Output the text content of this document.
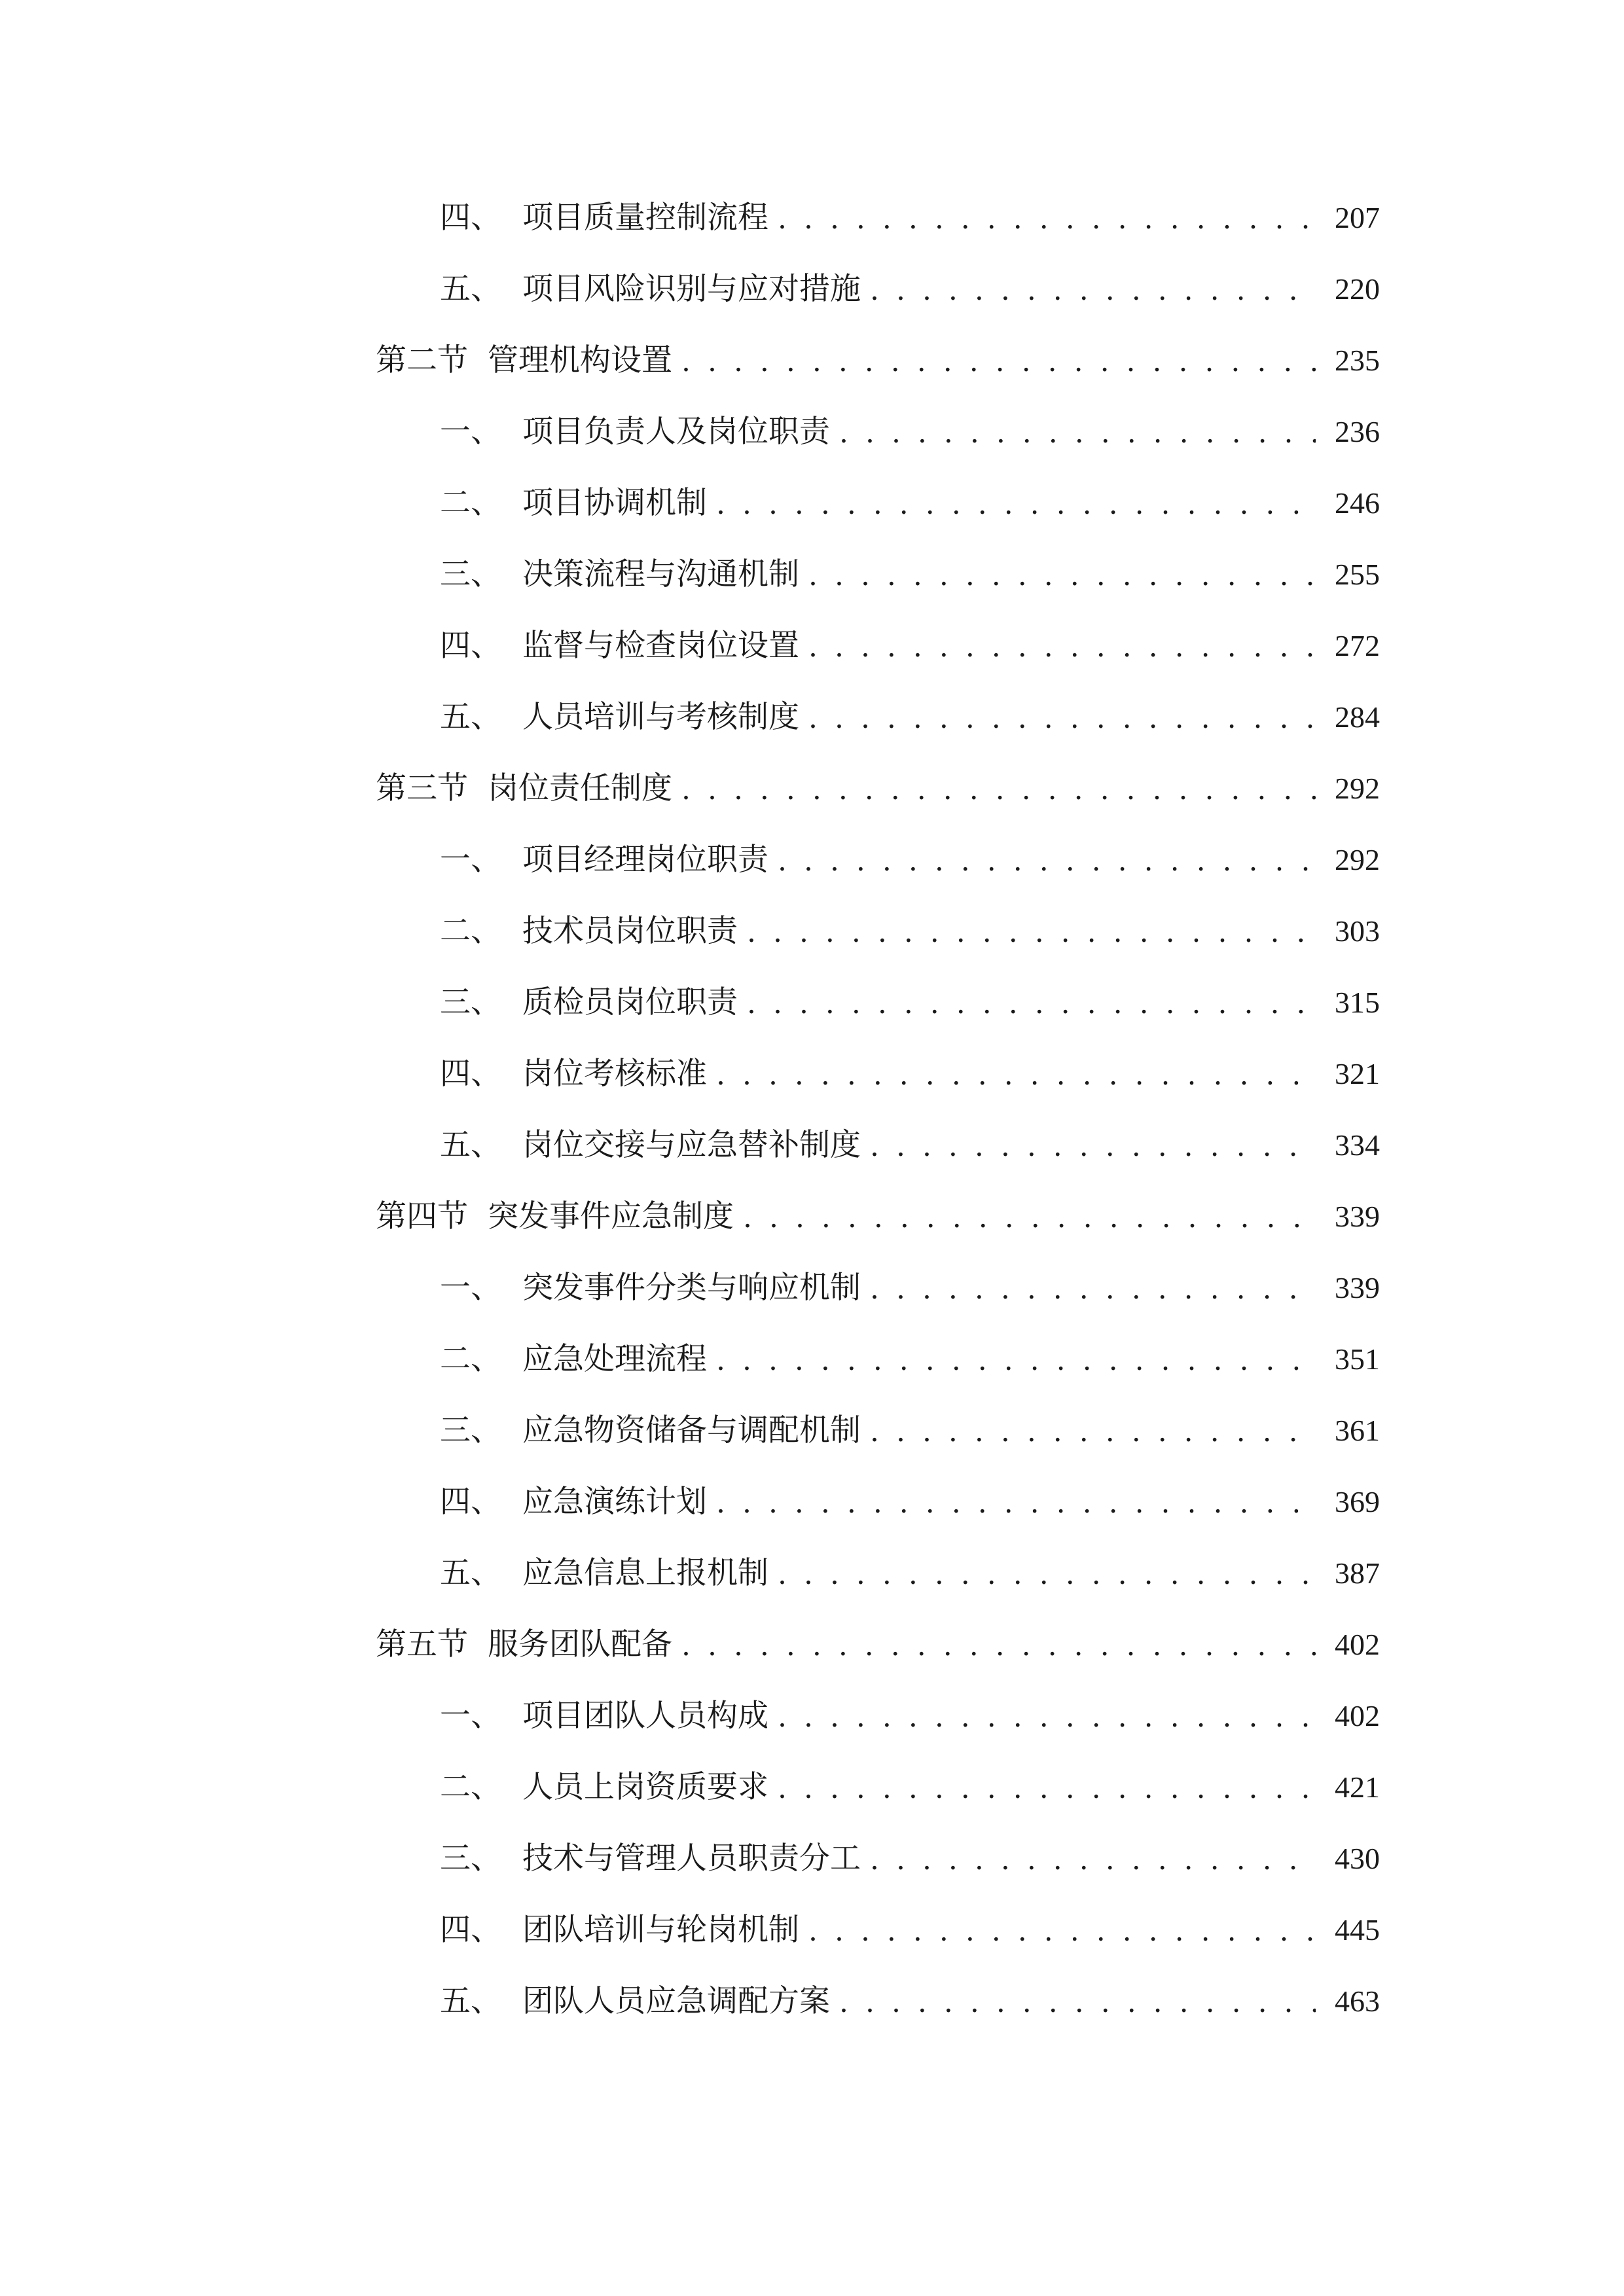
四、 项目质量控制流程 . . .	207
五、 项目风险识别与应对措施 . . .	220
第二节 管理机构设置 . . .	235
一、 项目负责人及岗位职责 . . .	236
二、 项目协调机制 . . .	246
三、 决策流程与沟通机制 . . .	255
四、 监督与检查岗位设置 . . .	272
五、 人员培训与考核制度 . . .	284
第三节 岗位责任制度 . . .	292
一、 项目经理岗位职责 . . .	292
二、 技术员岗位职责 . . .	303
三、 质检员岗位职责 . . .	315
四、 岗位考核标准 . . .	321
五、 岗位交接与应急替补制度 . . .	334
第四节 突发事件应急制度 . . .	339
一、 突发事件分类与响应机制 . . .	339
二、 应急处理流程 . . .	351
三、 应急物资储备与调配机制 . . .	361
四、 应急演练计划 . . .	369
五、 应急信息上报机制 . . .	387
第五节 服务团队配备 . . .	402
一、 项目团队人员构成 . . .	402
二、 人员上岗资质要求 . . .	421
三、 技术与管理人员职责分工 . . .	430
四、 团队培训与轮岗机制 . . .	445
五、 团队人员应急调配方案 . . .	463
